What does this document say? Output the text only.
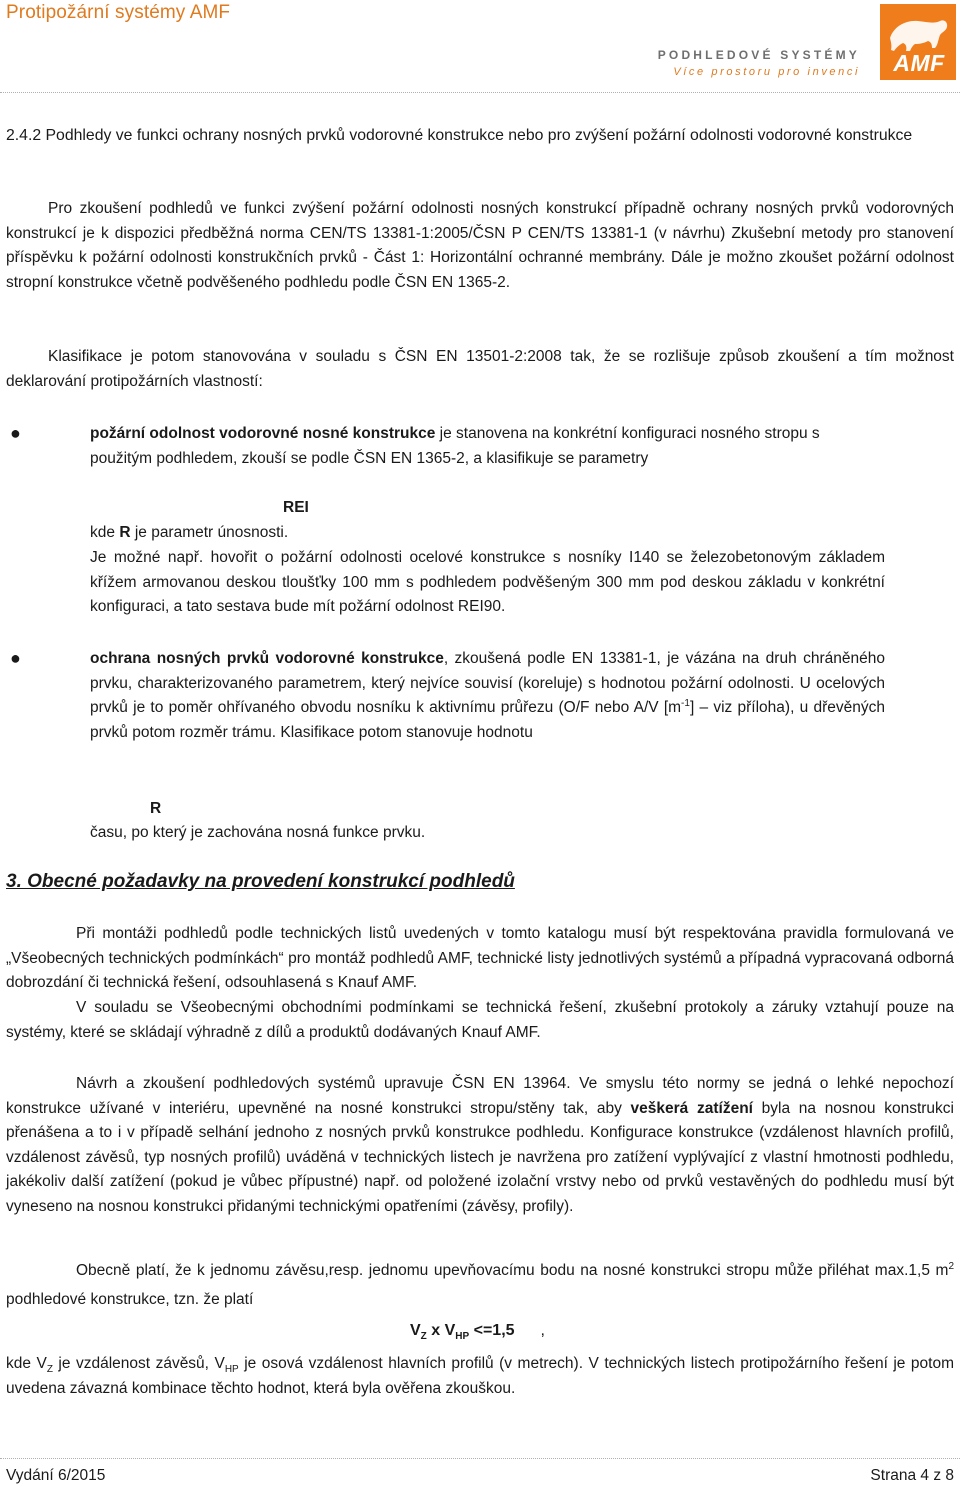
Protipožární systémy AMF
PODHLEDOVÉ SYSTÉMY
Více prostoru pro invenci	AMF
2.4.2 Podhledy ve funkci ochrany nosných prvků vodorovné konstrukce nebo pro zvýšení požární odolnosti vodorovné konstrukce
Pro zkoušení podhledů ve funkci zvýšení požární odolnosti nosných konstrukcí případně ochrany nosných prvků vodorovných konstrukcí je k dispozici předběžná norma CEN/TS 13381-1:2005/ČSN P CEN/TS 13381-1 (v návrhu) Zkušební metody pro stanovení příspěvku k požární odolnosti konstrukčních prvků - Část 1: Horizontální ochranné membrány. Dále je možno zkoušet požární odolnost stropní konstrukce včetně podvěšeného podhledu podle ČSN EN 1365-2.
Klasifikace je potom stanovována v souladu s ČSN EN 13501-2:2008 tak, že se rozlišuje způsob zkoušení a tím možnost deklarování protipožárních vlastností:
●	požární odolnost vodorovné nosné konstrukce je stanovena na konkrétní konfiguraci nosného stropu s použitým podhledem, zkouší se podle ČSN EN 1365-2, a klasifikuje se parametry
REI
kde R je parametr únosnosti.
Je možné např. hovořit o požární odolnosti ocelové konstrukce s nosníky I140 se železobetonovým základem křížem armovanou deskou tloušťky 100 mm s podhledem podvěšeným 300 mm pod deskou základu v konkrétní konfiguraci, a tato sestava bude mít požární odolnost REI90.
●	ochrana nosných prvků vodorovné konstrukce, zkoušená podle EN 13381-1, je vázána na druh chráněného prvku, charakterizovaného parametrem, který nejvíce souvisí (koreluje) s hodnotou požární odolnosti. U ocelových prvků je to poměr ohřívaného obvodu nosníku k aktivnímu průřezu (O/F nebo A/V $[m^{-1}]$ – viz příloha), u dřevěných prvků potom rozměr trámu. Klasifikace potom stanovuje hodnotu
R
času, po který je zachována nosná funkce prvku.
3. Obecné požadavky na provedení konstrukcí podhledů
Při montáži podhledů podle technických listů uvedených v tomto katalogu musí být respektována pravidla formulovaná ve „Všeobecných technických podmínkách“ pro montáž podhledů AMF, technické listy jednotlivých systémů a případná vypracovaná odborná dobrozdání či technická řešení, odsouhlasená s Knauf AMF.
V souladu se Všeobecnými obchodními podmínkami se technická řešení, zkušební protokoly a záruky vztahují pouze na systémy, které se skládají výhradně z dílů a produktů dodávaných Knauf AMF.
Návrh a zkoušení podhledových systémů upravuje ČSN EN 13964. Ve smyslu této normy se jedná o lehké nepochozí konstrukce užívané v interiéru, upevněné na nosné konstrukci stropu/stěny tak, aby veškerá zatížení byla na nosnou konstrukci přenášena a to i v případě selhání jednoho z nosných prvků konstrukce podhledu. Konfigurace konstrukce (vzdálenost hlavních profilů, vzdálenost závěsů, typ nosných profilů) uváděná v technických listech je navržena pro zatížení vyplývající z vlastní hmotnosti podhledu, jakékoliv další zatížení (pokud je vůbec přípustné) např. od položené izolační vrstvy nebo od prvků vestavěných do podhledu musí být vyneseno na nosnou konstrukci přidanými technickými opatřeními (závěsy, profily).
Obecně platí, že k jednomu závěsu,resp. jednomu upevňovacímu bodu na nosné konstrukci stropu může přiléhat max.1,5 $m^2$ podhledové konstrukce, tzn. že platí
$V_Z$ x $V_{HP} <=1,5$ ,
kde $V_Z$ je vzdálenost závěsů, $V_{HP}$ je osová vzdálenost hlavních profilů (v metrech). V technických listech protipožárního řešení je potom uvedena závazná kombinace těchto hodnot, která byla ověřena zkouškou.
Vydání 6/2015	Strana 4 z 8
